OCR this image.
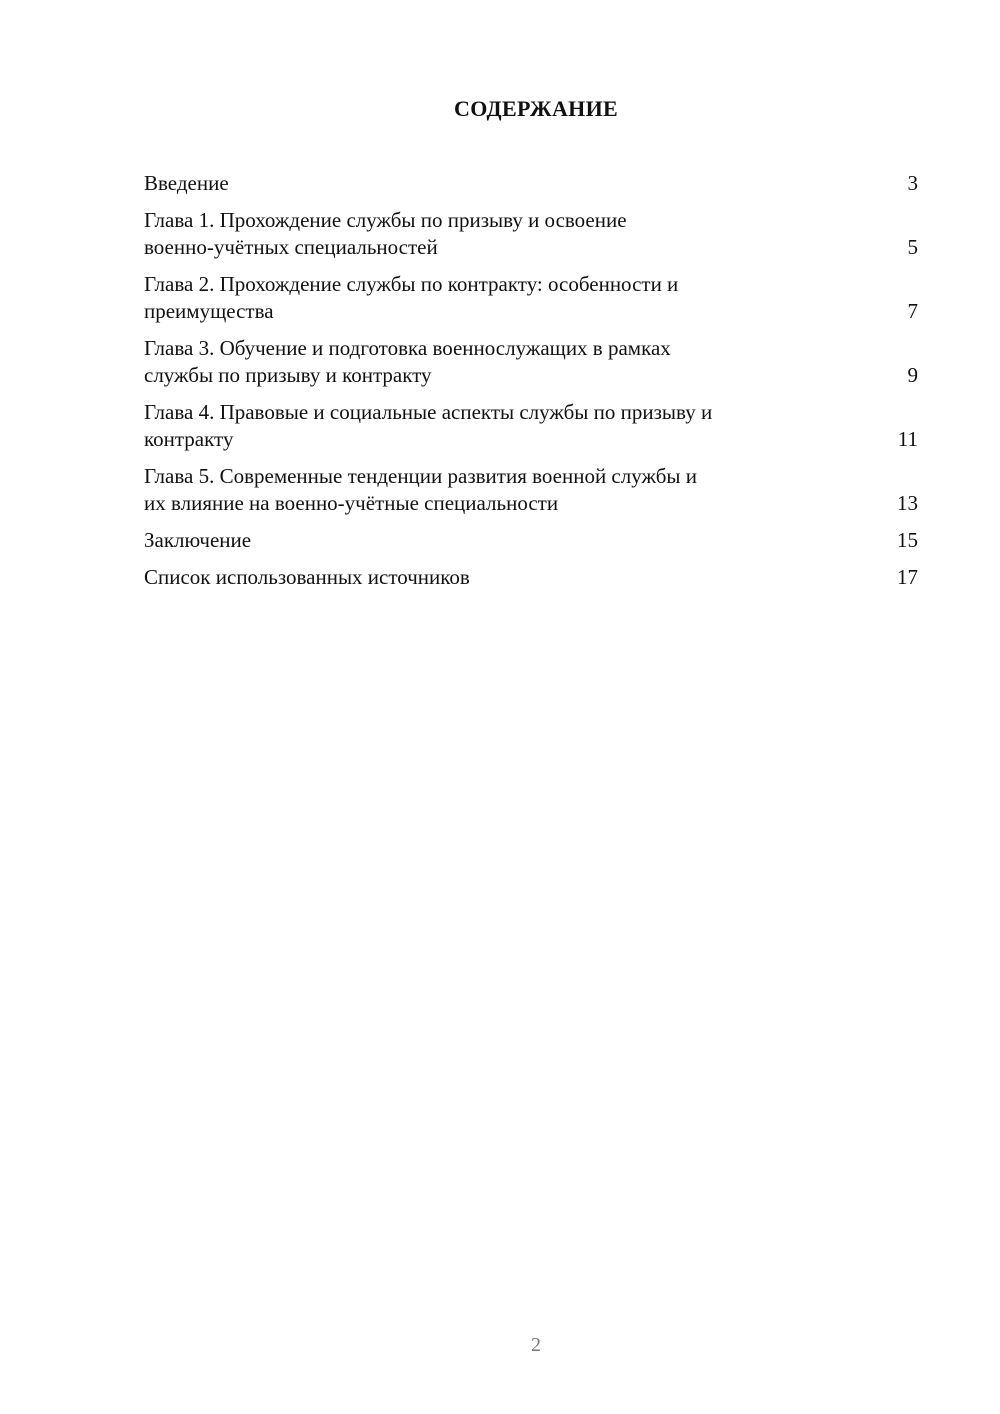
СОДЕРЖАНИЕ
Введение	3
Глава 1. Прохождение службы по призыву и освоение
военно-учётных специальностей	5
Глава 2. Прохождение службы по контракту: особенности и
преимущества	7
Глава 3. Обучение и подготовка военнослужащих в рамках
службы по призыву и контракту	9
Глава 4. Правовые и социальные аспекты службы по призыву и
контракту	11
Глава 5. Современные тенденции развития военной службы и
их влияние на военно-учётные специальности	13
Заключение	15
Список использованных источников	17
2
